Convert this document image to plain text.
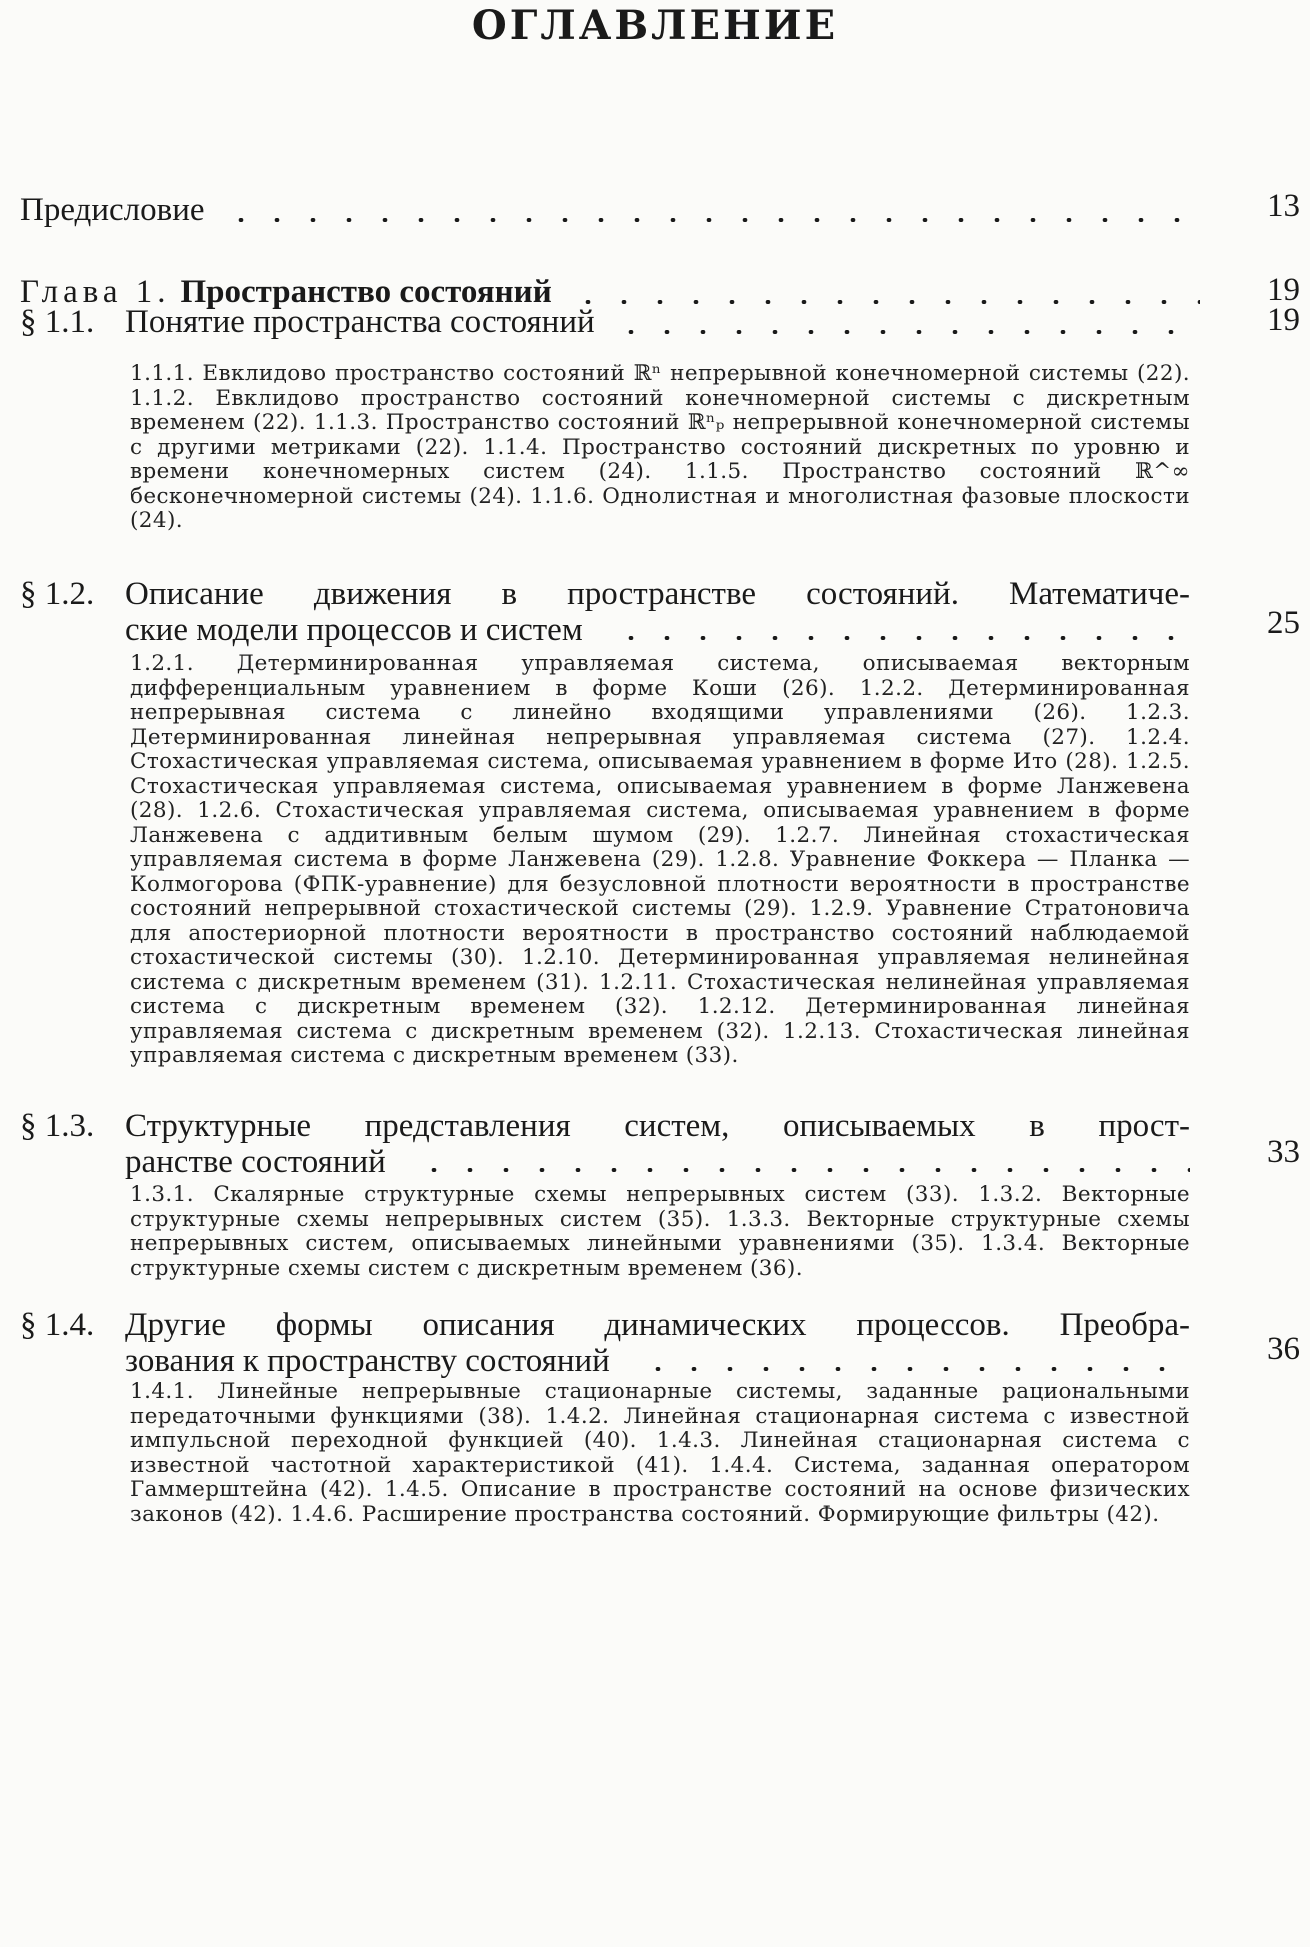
ОГЛАВЛЕНИЕ
Предисловие	13
Глава 1. Пространство состояний	19
§ 1.1. Понятие пространства состояний	19
1.1.1. Евклидово пространство состояний ℝⁿ непрерывной конечномерной системы (22). 1.1.2. Евклидово пространство состояний конечномерной системы с дискретным временем (22). 1.1.3. Пространство состояний ℝⁿₚ непрерывной конечномерной системы с другими метриками (22). 1.1.4. Пространство состояний дискретных по уровню и времени конечномерных систем (24). 1.1.5. Пространство состояний ℝ^∞ бесконечномерной системы (24). 1.1.6. Однолистная и многолистная фазовые плоскости (24).
§ 1.2. Описание движения в пространстве состояний. Математиче-
ские модели процессов и систем	25
1.2.1. Детерминированная управляемая система, описываемая векторным дифференциальным уравнением в форме Коши (26). 1.2.2. Детерминированная непрерывная система с линейно входящими управлениями (26). 1.2.3. Детерминированная линейная непрерывная управляемая система (27). 1.2.4. Стохастическая управляемая система, описываемая уравнением в форме Ито (28). 1.2.5. Стохастическая управляемая система, описываемая уравнением в форме Ланжевена (28). 1.2.6. Стохастическая управляемая система, описываемая уравнением в форме Ланжевена с аддитивным белым шумом (29). 1.2.7. Линейная стохастическая управляемая система в форме Ланжевена (29). 1.2.8. Уравнение Фоккера — Планка — Колмогорова (ФПК-уравнение) для безусловной плотности вероятности в пространстве состояний непрерывной стохастической системы (29). 1.2.9. Уравнение Стратоновича для апостериорной плотности вероятности в пространство состояний наблюдаемой стохастической системы (30). 1.2.10. Детерминированная управляемая нелинейная система с дискретным временем (31). 1.2.11. Стохастическая нелинейная управляемая система с дискретным временем (32). 1.2.12. Детерминированная линейная управляемая система с дискретным временем (32). 1.2.13. Стохастическая линейная управляемая система с дискретным временем (33).
§ 1.3. Структурные представления систем, описываемых в прост-
ранстве состояний	33
1.3.1. Скалярные структурные схемы непрерывных систем (33). 1.3.2. Векторные структурные схемы непрерывных систем (35). 1.3.3. Векторные структурные схемы непрерывных систем, описываемых линейными уравнениями (35). 1.3.4. Векторные структурные схемы систем с дискретным временем (36).
§ 1.4. Другие формы описания динамических процессов. Преобра-
зования к пространству состояний	36
1.4.1. Линейные непрерывные стационарные системы, заданные рациональными передаточными функциями (38). 1.4.2. Линейная стационарная система с известной импульсной переходной функцией (40). 1.4.3. Линейная стационарная система с известной частотной характеристикой (41). 1.4.4. Система, заданная оператором Гаммерштейна (42). 1.4.5. Описание в пространстве состояний на основе физических законов (42). 1.4.6. Расширение пространства состояний. Формирующие фильтры (42).
